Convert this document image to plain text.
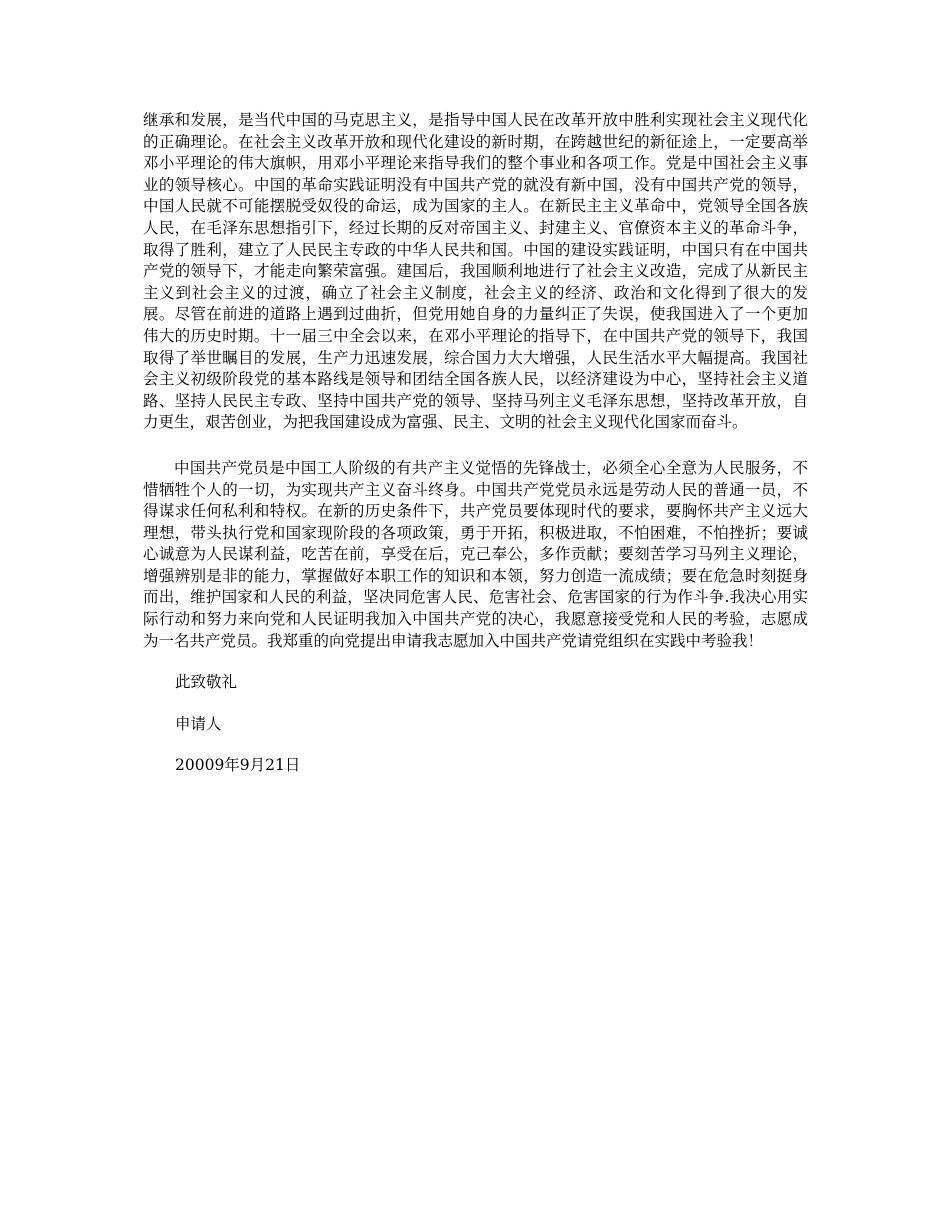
继承和发展，是当代中国的马克思主义，是指导中国人民在改革开放中胜利实现社会主义现代化的正确理论。在社会主义改革开放和现代化建设的新时期，在跨越世纪的新征途上，一定要高举邓小平理论的伟大旗帜，用邓小平理论来指导我们的整个事业和各项工作。党是中国社会主义事业的领导核心。中国的革命实践证明没有中国共产党的就没有新中国，没有中国共产党的领导，中国人民就不可能摆脱受奴役的命运，成为国家的主人。在新民主主义革命中，党领导全国各族人民，在毛泽东思想指引下，经过长期的反对帝国主义、封建主义、官僚资本主义的革命斗争，取得了胜利，建立了人民民主专政的中华人民共和国。中国的建设实践证明，中国只有在中国共产党的领导下，才能走向繁荣富强。建国后，我国顺利地进行了社会主义改造，完成了从新民主主义到社会主义的过渡，确立了社会主义制度，社会主义的经济、政治和文化得到了很大的发展。尽管在前进的道路上遇到过曲折，但党用她自身的力量纠正了失误，使我国进入了一个更加伟大的历史时期。十一届三中全会以来，在邓小平理论的指导下，在中国共产党的领导下，我国取得了举世瞩目的发展，生产力迅速发展，综合国力大大增强，人民生活水平大幅提高。我国社会主义初级阶段党的基本路线是领导和团结全国各族人民，以经济建设为中心，坚持社会主义道路、坚持人民民主专政、坚持中国共产党的领导、坚持马列主义毛泽东思想，坚持改革开放，自力更生，艰苦创业，为把我国建设成为富强、民主、文明的社会主义现代化国家而奋斗。

中国共产党员是中国工人阶级的有共产主义觉悟的先锋战士，必须全心全意为人民服务，不惜牺牲个人的一切，为实现共产主义奋斗终身。中国共产党党员永远是劳动人民的普通一员，不得谋求任何私利和特权。在新的历史条件下，共产党员要体现时代的要求，要胸怀共产主义远大理想，带头执行党和国家现阶段的各项政策，勇于开拓，积极进取，不怕困难，不怕挫折；要诚心诚意为人民谋利益，吃苦在前，享受在后，克己奉公，多作贡献；要刻苦学习马列主义理论，增强辨别是非的能力，掌握做好本职工作的知识和本领，努力创造一流成绩；要在危急时刻挺身而出，维护国家和人民的利益，坚决同危害人民、危害社会、危害国家的行为作斗争.我决心用实际行动和努力来向党和人民证明我加入中国共产党的决心，我愿意接受党和人民的考验，志愿成为一名共产党员。我郑重的向党提出申请我志愿加入中国共产党请党组织在实践中考验我！

此致敬礼

申请人

20009年9月21日
